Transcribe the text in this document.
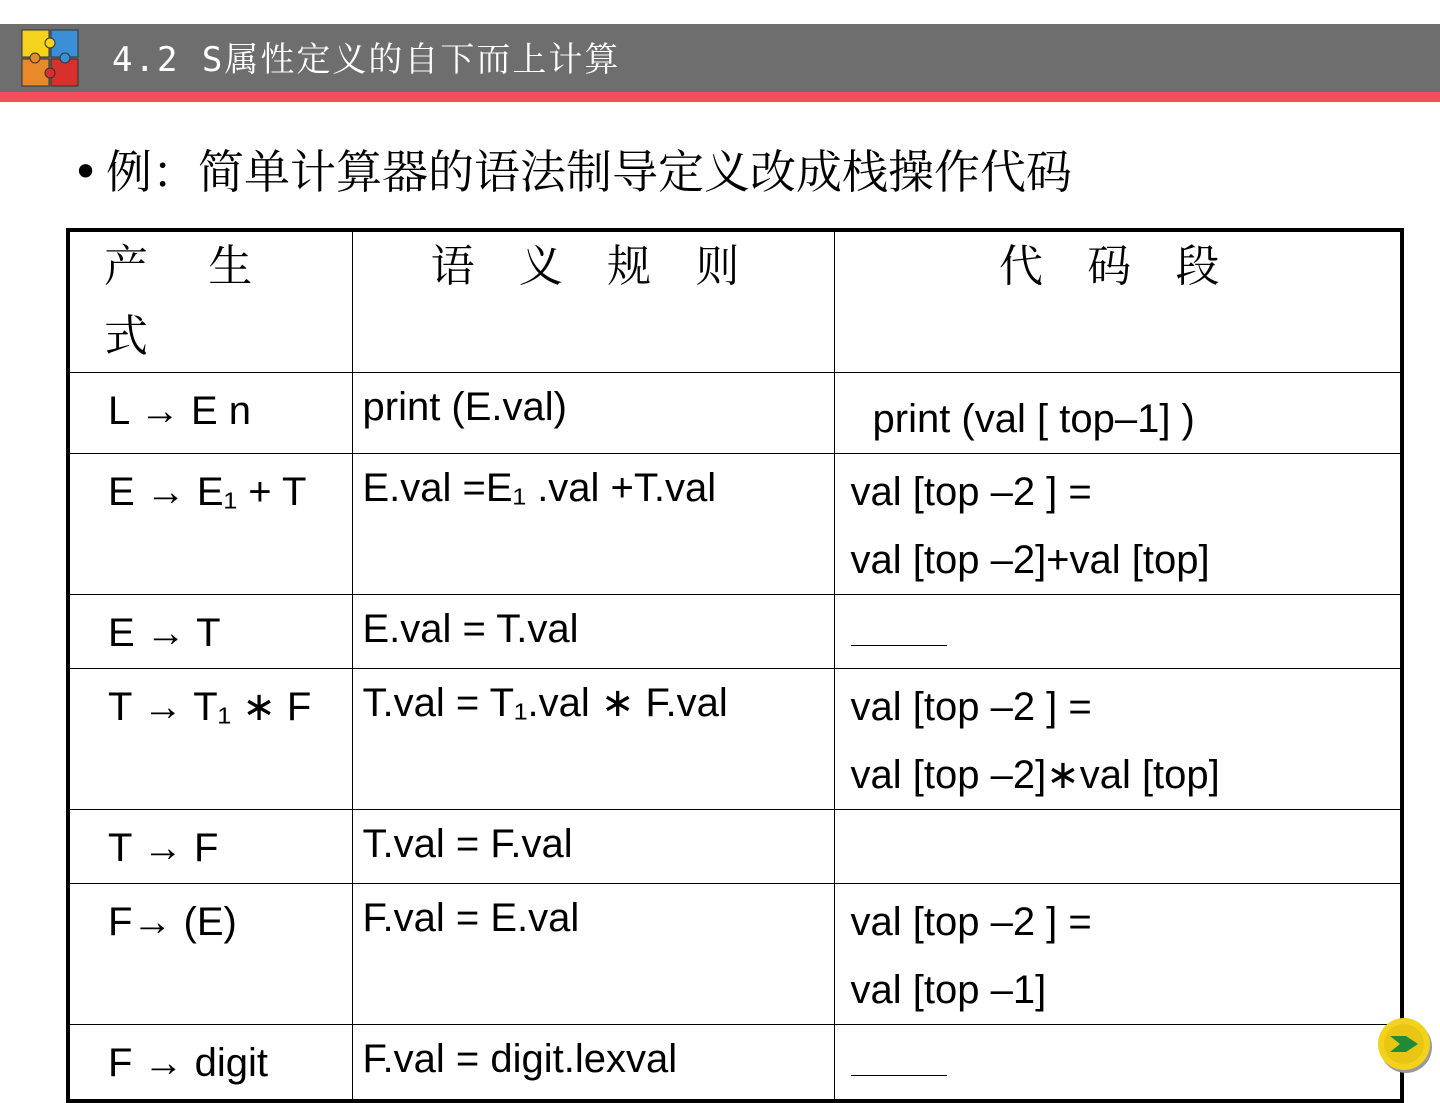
4.2 S属性定义的自下而上计算
• 例：简单计算器的语法制导定义改成栈操作代码
产 生 式	语 义 规 则	代 码 段
L → E n	print (E.val)	print (val [ top–1] )

E → E₁ + T	E.val =E₁ .val +T.val	val [top –2 ] =
val [top –2]+val [top]

E → T	E.val = T.val	
T → T₁ ∗ F	T.val = T₁.val ∗ F.val	val [top –2 ] =
val [top –2]∗val [top]

T → F	T.val = F.val	
F→ (E)	F.val = E.val	val [top –2 ] =
val [top –1]

F → digit	F.val = digit.lexval	
